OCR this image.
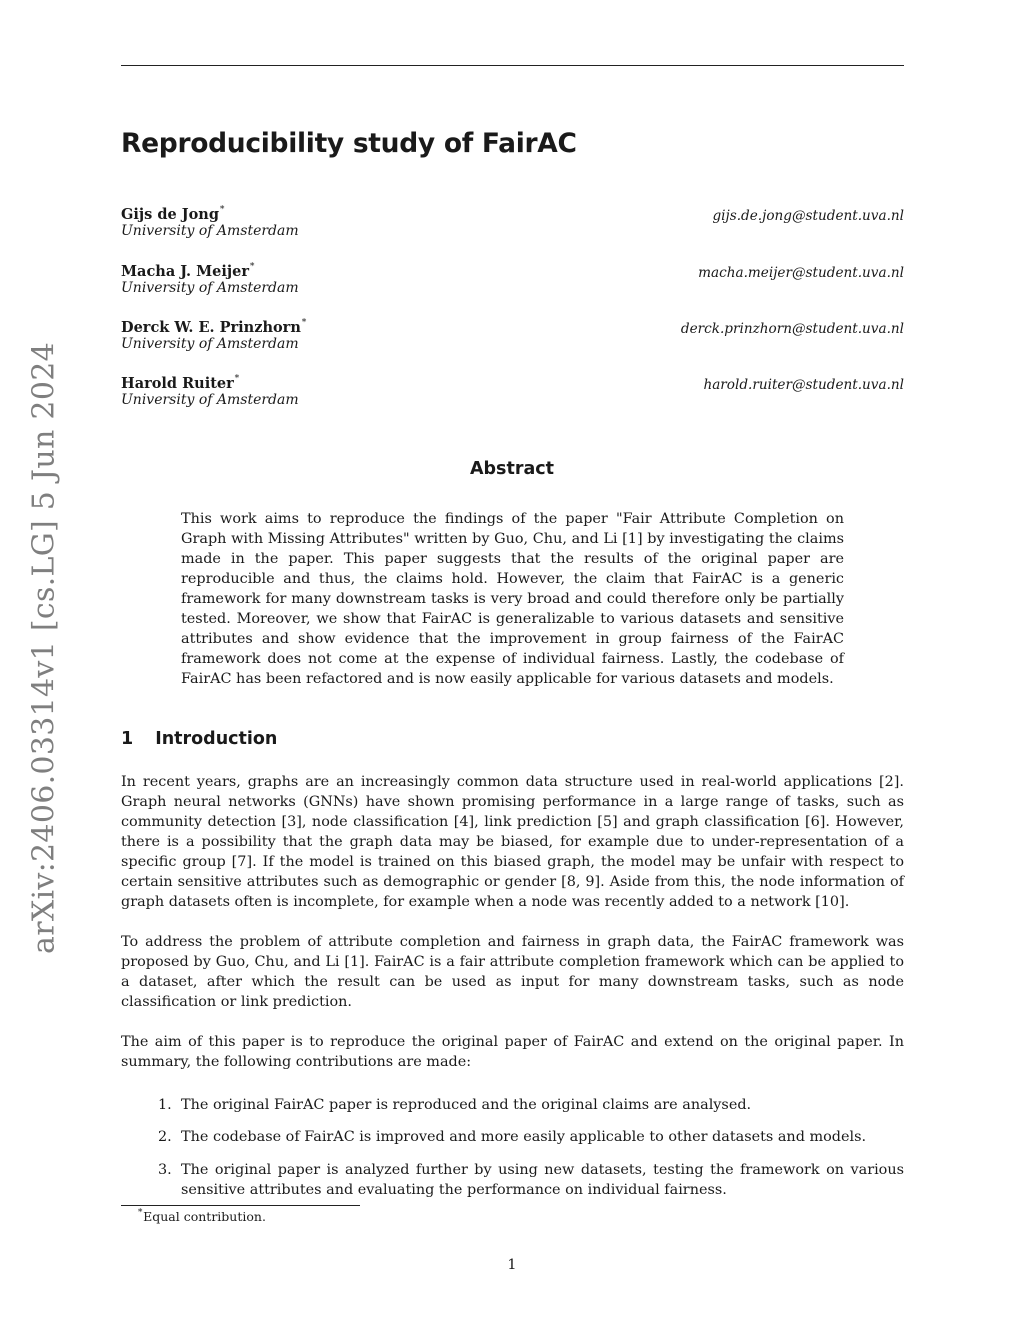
arXiv:2406.03314v1 [cs.LG] 5 Jun 2024
Reproducibility study of FairAC
Gijs de Jong∗
University of Amsterdam
gijs.de.jong@student.uva.nl
Macha J. Meijer∗
University of Amsterdam
macha.meijer@student.uva.nl
Derck W. E. Prinzhorn∗
University of Amsterdam
derck.prinzhorn@student.uva.nl
Harold Ruiter∗
University of Amsterdam
harold.ruiter@student.uva.nl
Abstract
This work aims to reproduce the findings of the paper "Fair Attribute Completion on Graph with Missing Attributes" written by Guo, Chu, and Li [1] by investigating the claims made in the paper. This paper suggests that the results of the original paper are reproducible and thus, the claims hold. However, the claim that FairAC is a generic framework for many downstream tasks is very broad and could therefore only be partially tested. Moreover, we show that FairAC is generalizable to various datasets and sensitive attributes and show evidence that the improvement in group fairness of the FairAC framework does not come at the expense of individual fairness. Lastly, the codebase of FairAC has been refactored and is now easily applicable for various datasets and models.
1 Introduction
In recent years, graphs are an increasingly common data structure used in real-world applications [2]. Graph neural networks (GNNs) have shown promising performance in a large range of tasks, such as community detection [3], node classification [4], link prediction [5] and graph classification [6]. However, there is a possibility that the graph data may be biased, for example due to under-representation of a specific group [7]. If the model is trained on this biased graph, the model may be unfair with respect to certain sensitive attributes such as demographic or gender [8, 9]. Aside from this, the node information of graph datasets often is incomplete, for example when a node was recently added to a network [10].
To address the problem of attribute completion and fairness in graph data, the FairAC framework was proposed by Guo, Chu, and Li [1]. FairAC is a fair attribute completion framework which can be applied to a dataset, after which the result can be used as input for many downstream tasks, such as node classification or link prediction.
The aim of this paper is to reproduce the original paper of FairAC and extend on the original paper. In summary, the following contributions are made:
1. The original FairAC paper is reproduced and the original claims are analysed.
2. The codebase of FairAC is improved and more easily applicable to other datasets and models.
3. The original paper is analyzed further by using new datasets, testing the framework on various sensitive attributes and evaluating the performance on individual fairness.
∗Equal contribution.
1
